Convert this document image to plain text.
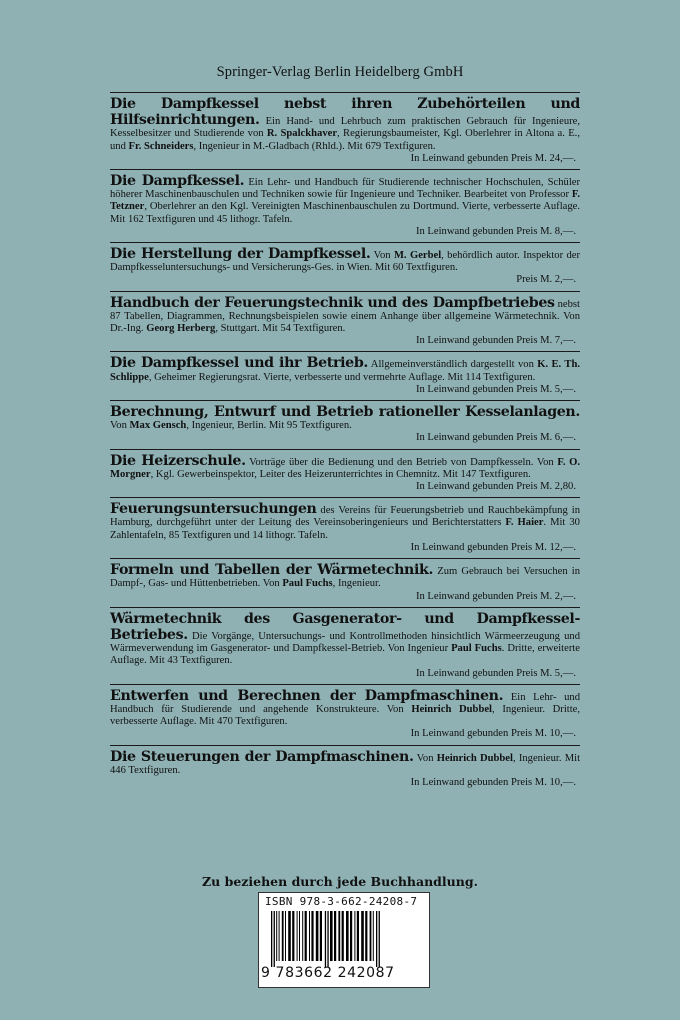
Springer-Verlag Berlin Heidelberg GmbH
Die Dampfkessel nebst ihren Zubehörteilen und Hilfseinrichtungen. Ein Hand- und Lehrbuch zum praktischen Gebrauch für Ingenieure, Kesselbesitzer und Studierende von R. Spalckhaver, Regierungsbaumeister, Kgl. Oberlehrer in Altona a. E., und Fr. Schneiders, Ingenieur in M.-Gladbach (Rhld.). Mit 679 Textfiguren.
In Leinwand gebunden Preis M. 24,—.
Die Dampfkessel. Ein Lehr- und Handbuch für Studierende technischer Hochschulen, Schüler höherer Maschinenbauschulen und Techniken sowie für Ingenieure und Techniker. Bearbeitet von Professor F. Tetzner, Oberlehrer an den Kgl. Vereinigten Maschinenbauschulen zu Dortmund. Vierte, verbesserte Auflage. Mit 162 Textfiguren und 45 lithogr. Tafeln.
In Leinwand gebunden Preis M. 8,—.
Die Herstellung der Dampfkessel. Von M. Gerbel, behördlich autor. Inspektor der Dampfkesseluntersuchungs- und Versicherungs-Ges. in Wien. Mit 60 Textfiguren.
Preis M. 2,—.
Handbuch der Feuerungstechnik und des Dampfbetriebes nebst 87 Tabellen, Diagrammen, Rechnungsbeispielen sowie einem Anhange über allgemeine Wärmetechnik. Von Dr.-Ing. Georg Herberg, Stuttgart. Mit 54 Textfiguren.
In Leinwand gebunden Preis M. 7,—.
Die Dampfkessel und ihr Betrieb. Allgemeinverständlich dargestellt von K. E. Th. Schlippe, Geheimer Regierungsrat. Vierte, verbesserte und vermehrte Auflage. Mit 114 Textfiguren.
In Leinwand gebunden Preis M. 5,—.
Berechnung, Entwurf und Betrieb rationeller Kesselanlagen. Von Max Gensch, Ingenieur, Berlin. Mit 95 Textfiguren.
In Leinwand gebunden Preis M. 6,—.
Die Heizerschule. Vorträge über die Bedienung und den Betrieb von Dampfkesseln. Von F. O. Morgner, Kgl. Gewerbeinspektor, Leiter des Heizerunterrichtes in Chemnitz. Mit 147 Textfiguren.
In Leinwand gebunden Preis M. 2,80.
Feuerungsuntersuchungen des Vereins für Feuerungsbetrieb und Rauchbekämpfung in Hamburg, durchgeführt unter der Leitung des Vereinsoberingenieurs und Berichterstatters F. Haier. Mit 30 Zahlentafeln, 85 Textfiguren und 14 lithogr. Tafeln.
In Leinwand gebunden Preis M. 12,—.
Formeln und Tabellen der Wärmetechnik. Zum Gebrauch bei Versuchen in Dampf-, Gas- und Hüttenbetrieben. Von Paul Fuchs, Ingenieur.
In Leinwand gebunden Preis M. 2,—.
Wärmetechnik des Gasgenerator- und Dampfkessel-Betriebes. Die Vorgänge, Untersuchungs- und Kontrollmethoden hinsichtlich Wärmeerzeugung und Wärmeverwendung im Gasgenerator- und Dampfkessel-Betrieb. Von Ingenieur Paul Fuchs. Dritte, erweiterte Auflage. Mit 43 Textfiguren.
In Leinwand gebunden Preis M. 5,—.
Entwerfen und Berechnen der Dampfmaschinen. Ein Lehr- und Handbuch für Studierende und angehende Konstrukteure. Von Heinrich Dubbel, Ingenieur. Dritte, verbesserte Auflage. Mit 470 Textfiguren.
In Leinwand gebunden Preis M. 10,—.
Die Steuerungen der Dampfmaschinen. Von Heinrich Dubbel, Ingenieur. Mit 446 Textfiguren.
In Leinwand gebunden Preis M. 10,—.
Zu beziehen durch jede Buchhandlung.
ISBN 978-3-662-24208-7
9 783662 242087
